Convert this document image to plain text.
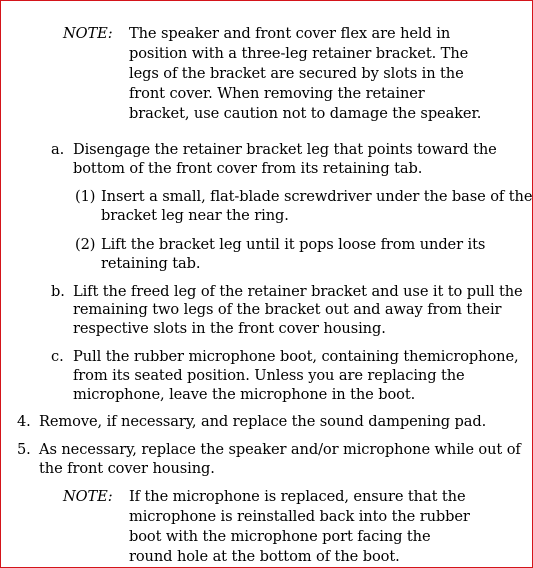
NOTE: The speaker and front cover flex are held in
position with a three-leg retainer bracket. The
legs of the bracket are secured by slots in the
front cover. When removing the retainer
bracket, use caution not to damage the speaker.
a. Disengage the retainer bracket leg that points toward the
bottom of the front cover from its retaining tab.
(1) Insert a small, flat-blade screwdriver under the base of the
bracket leg near the ring.
(2) Lift the bracket leg until it pops loose from under its
retaining tab.
b. Lift the freed leg of the retainer bracket and use it to pull the
remaining two legs of the bracket out and away from their
respective slots in the front cover housing.
c. Pull the rubber microphone boot, containing themicrophone,
from its seated position. Unless you are replacing the
microphone, leave the microphone in the boot.
4. Remove, if necessary, and replace the sound dampening pad.
5. As necessary, replace the speaker and/or microphone while out of
the front cover housing.
NOTE: If the microphone is replaced, ensure that the
microphone is reinstalled back into the rubber
boot with the microphone port facing the
round hole at the bottom of the boot.
